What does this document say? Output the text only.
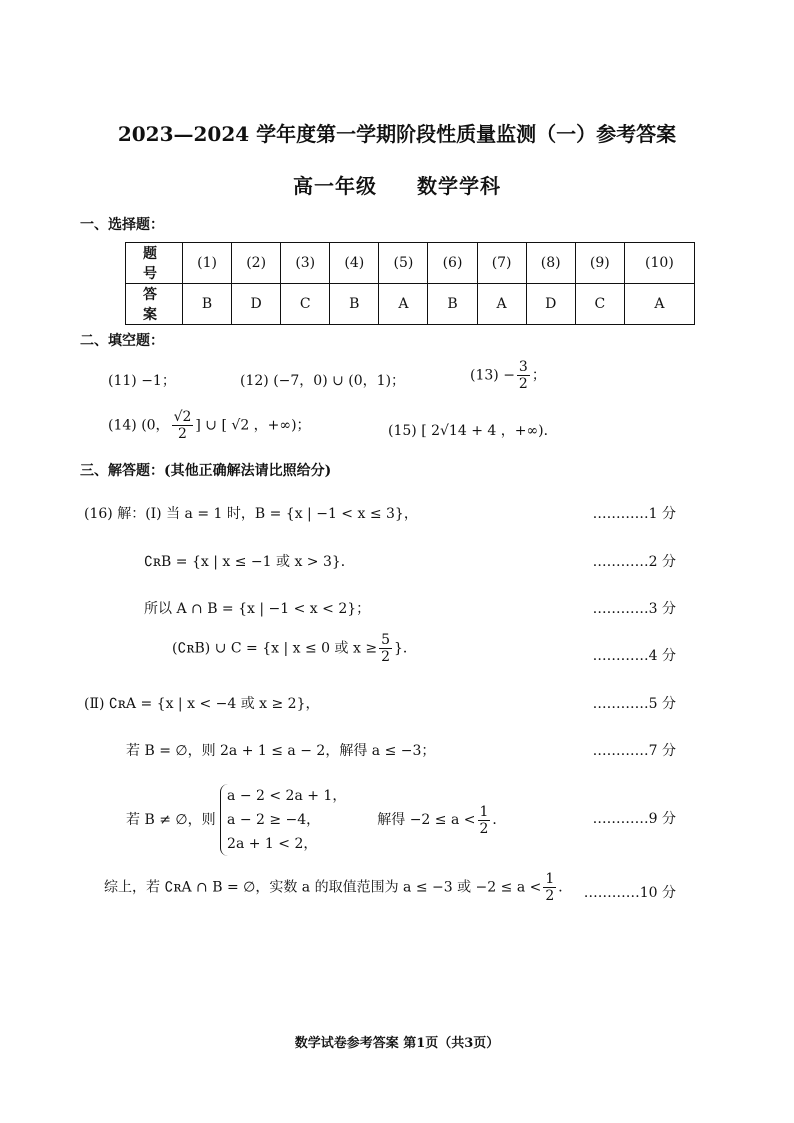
2023—2024 学年度第一学期阶段性质量监测（一）参考答案
高一年级 数学学科
一、选择题：
题 号	(1)	(2)	(3)	(4)	(5)	(6)	(7)	(8)	(9)	(10)
答 案	B	D	C	B	A	B	A	D	C	A
二、填空题：
(11) −1；	(12) (−7，0) ∪ (0，1)；	$(13) - \frac{3}{2}$ ；
(14) (0， $\frac{√2}{2}$ ] ∪ [ √2 ，+∞)；	(15) [ 2√14 + 4 ，+∞)．
三、解答题：(其他正确解法请比照给分)
(16) 解：(Ⅰ) 当 a = 1 时，B = {x | −1 < x ≤ 3}，	…………1 分
∁ʀB = {x | x ≤ −1 或 x > 3}．	…………2 分
所以 A ∩ B = {x | −1 < x < 2}；	…………3 分
(∁ʀB) ∪ C = {x | x ≤ 0 或 $x \ge \frac{5}{2}$ }．	…………4 分
(Ⅱ) ∁ʀA = {x | x < −4 或 x ≥ 2}，	…………5 分
若 B = ∅，则 2a + 1 ≤ a − 2，解得 a ≤ −3；	…………7 分
若 B ≠ ∅，则
a − 2 < 2a + 1，
a − 2 ≥ −4，
2a + 1 < 2，
解得 $-2 \le a < \frac{1}{2}$ ．	…………9 分
综上，若 ∁ʀA ∩ B = ∅，实数 a 的取值范围为 a ≤ −3 或 $-2 \le a < \frac{1}{2}$ ． …………10 分
数学试卷参考答案 第1页（共3页）
